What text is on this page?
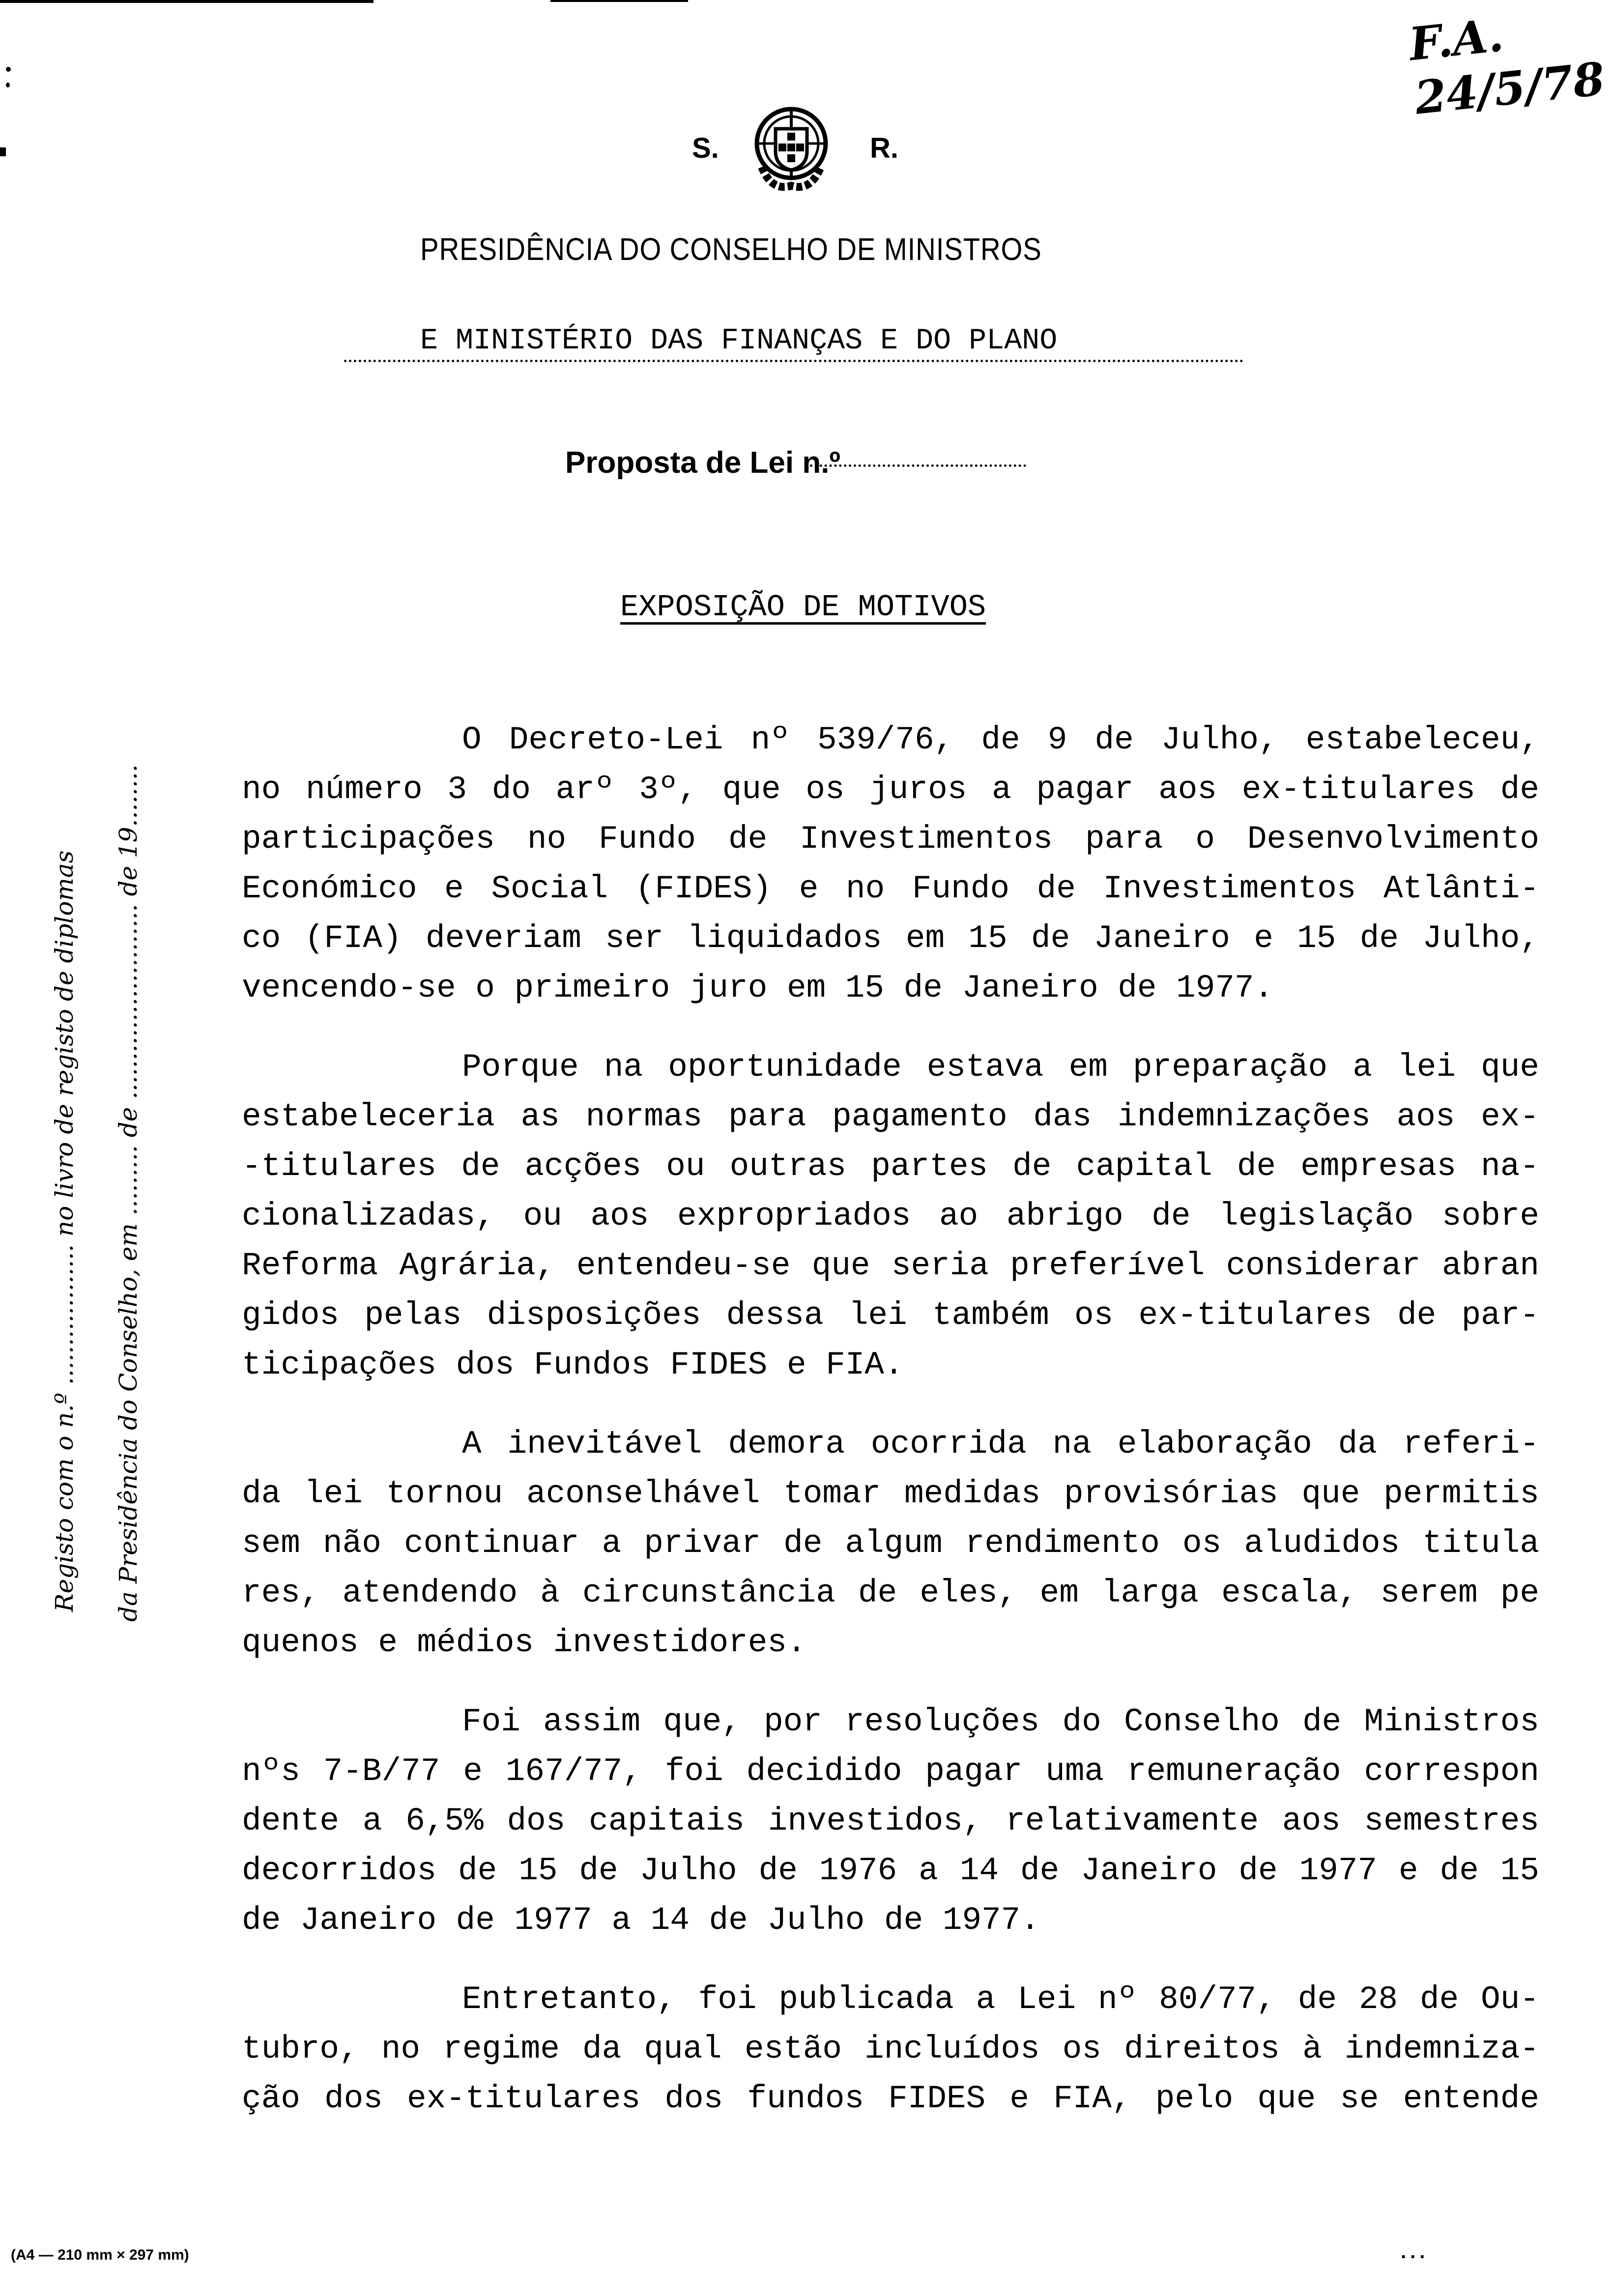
F.A.
24/5/78
S.	R.
PRESIDÊNCIA DO CONSELHO DE MINISTROS
E MINISTÉRIO DAS FINANÇAS E DO PLANO
Proposta de Lei n.º
EXPOSIÇÃO DE MOTIVOS
Registo com o n.º .................. no livro de registo de diplomas da Presidência do Conselho, em ......... de ......................... de 19........
O Decreto-Lei nº 539/76, de 9 de Julho, estabeleceu,
no número 3 do arº 3º, que os juros a pagar aos ex-titulares de
participações no Fundo de Investimentos para o Desenvolvimento
Económico e Social (FIDES) e no Fundo de Investimentos Atlânti-
co (FIA) deveriam ser liquidados em 15 de Janeiro e 15 de Julho,
vencendo-se o primeiro juro em 15 de Janeiro de 1977.
Porque na oportunidade estava em preparação a lei que
estabeleceria as normas para pagamento das indemnizações aos ex-
-titulares de acções ou outras partes de capital de empresas na-
cionalizadas, ou aos expropriados ao abrigo de legislação sobre
Reforma Agrária, entendeu-se que seria preferível considerar abran
gidos pelas disposições dessa lei também os ex-titulares de par-
ticipações dos Fundos FIDES e FIA.
A inevitável demora ocorrida na elaboração da referi-
da lei tornou aconselhável tomar medidas provisórias que permitis
sem não continuar a privar de algum rendimento os aludidos titula
res, atendendo à circunstância de eles, em larga escala, serem pe
quenos e médios investidores.
Foi assim que, por resoluções do Conselho de Ministros
nºs 7-B/77 e 167/77, foi decidido pagar uma remuneração correspon
dente a 6,5% dos capitais investidos, relativamente aos semestres
decorridos de 15 de Julho de 1976 a 14 de Janeiro de 1977 e de 15
de Janeiro de 1977 a 14 de Julho de 1977.
Entretanto, foi publicada a Lei nº 80/77, de 28 de Ou-
tubro, no regime da qual estão incluídos os direitos à indemniza-
ção dos ex-titulares dos fundos FIDES e FIA, pelo que se entende
(A4 — 210 mm × 297 mm)	...
